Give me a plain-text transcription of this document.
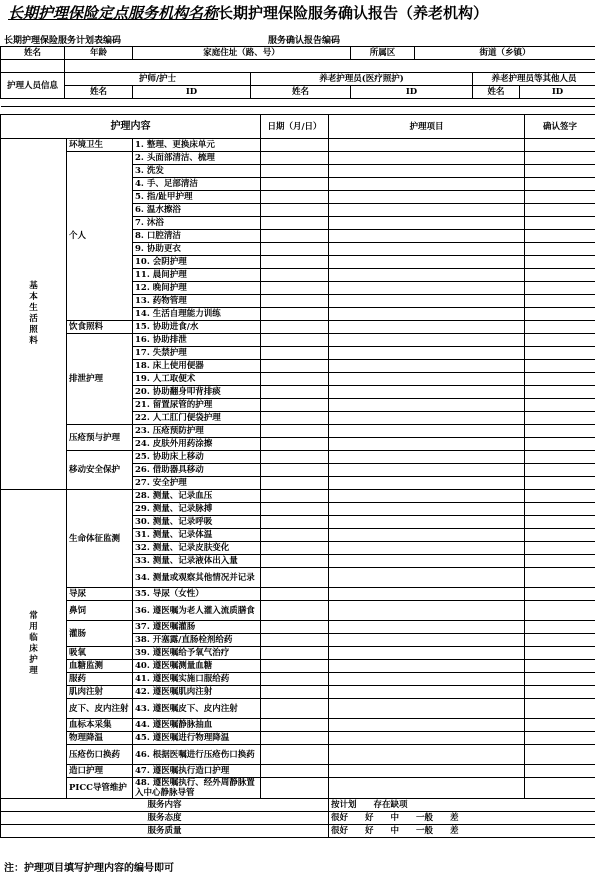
长期护理保险定点服务机构名称长期护理保险服务确认报告（养老机构）
长期护理保险服务计划表编码	服务确认报告编码
姓名	年龄	家庭住址（路、号）		所属区	街道（乡镇）		

护理人员信息	护师/护士		养老护理员(医疗照护)			养老护理员等其他人员	
	姓名	ID	姓名	ID		姓名	ID

护理内容			日期（月/日）	护理项目	确认签字
基本生活照料	环境卫生	1. 整理、更换床单元			
	个人	2. 头面部清洁、梳理			
		3. 洗发			
		4. 手、足部清洁			
		5. 指/趾甲护理			
		6. 温水擦浴			
		7. 沐浴			
		8. 口腔清洁			
		9. 协助更衣			
		10. 会阴护理			
		11. 晨间护理			
		12. 晚间护理			
		13. 药物管理			
		14. 生活自理能力训练			
	饮食照料	15. 协助进食/水			
	排泄护理	16. 协助排泄			
		17. 失禁护理			
		18. 床上使用便器			
		19. 人工取便术			
		20. 协助翻身叩背排痰			
		21. 留置尿管的护理			
		22. 人工肛门便袋护理			
	压疮预与护理	23. 压疮预防护理			
		24. 皮肤外用药涂擦			
	移动安全保护	25. 协助床上移动			
		26. 借助器具移动			
		27. 安全护理			
常用临床护理	生命体征监测	28. 测量、记录血压			
		29. 测量、记录脉搏			
		30. 测量、记录呼吸			
		31. 测量、记录体温			
		32. 测量、记录皮肤变化			
		33. 测量、记录液体出入量			
		34. 测量或观察其他情况并记录			
	导尿	35. 导尿（女性）			
	鼻饲	36. 遵医嘱为老人灌入流质膳食			
	灌肠	37. 遵医嘱灌肠			
		38. 开塞露/直肠栓剂给药			
	吸氧	39. 遵医嘱给予氧气治疗			
	血糖监测	40. 遵医嘱测量血糖			
	服药	41. 遵医嘱实施口服给药			
	肌肉注射	42. 遵医嘱肌肉注射			
	皮下、皮内注射	43. 遵医嘱皮下、皮内注射			
	血标本采集	44. 遵医嘱静脉抽血			
	物理降温	45. 遵医嘱进行物理降温			
	压疮伤口换药	46. 根据医嘱进行压疮伤口换药			
	造口护理	47. 遵医嘱执行造口护理			
	PICC导管维护	48. 遵医嘱执行、经外周静脉置入中心静脉导管			
服务内容				按计划　　存在缺项	
服务态度				很好　　好　　中　　一般　　差	
服务质量				很好　　好　　中　　一般　　差	
注：护理项目填写护理内容的编号即可
